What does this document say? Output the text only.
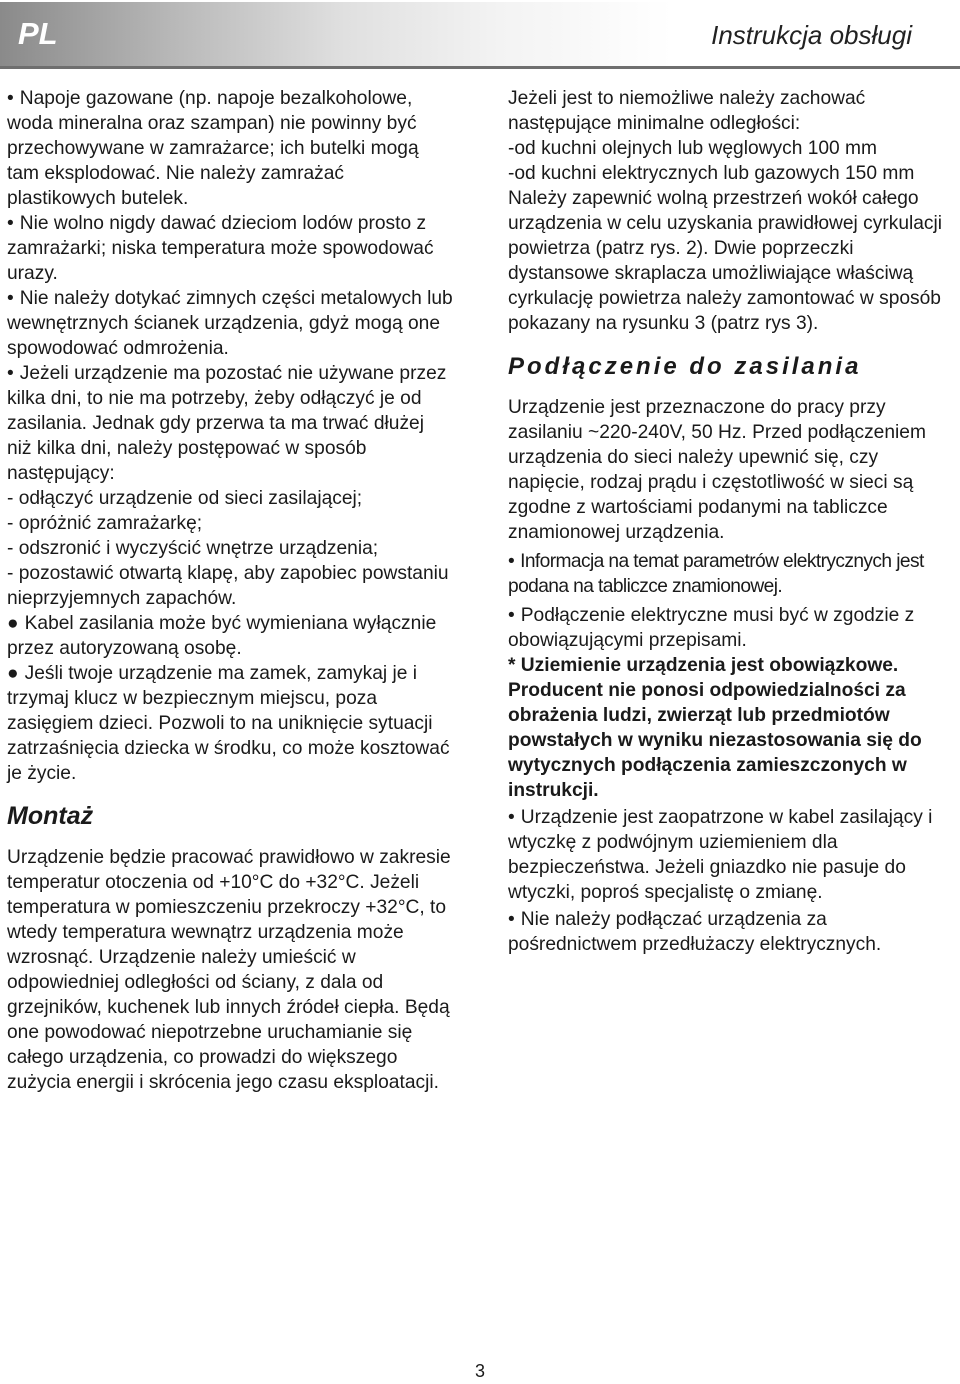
PL	Instrukcja obsługi

• Napoje gazowane (np. napoje bezalkoholowe, woda mineralna oraz szampan) nie powinny być przechowywane w zamrażarce; ich butelki mogą tam eksplodować. Nie należy zamrażać plastikowych butelek.

• Nie wolno nigdy dawać dzieciom lodów prosto z zamrażarki; niska temperatura może spowodować urazy.

• Nie należy dotykać zimnych części metalowych lub wewnętrznych ścianek urządzenia, gdyż mogą one spowodować odmrożenia.

• Jeżeli urządzenie ma pozostać nie używane przez kilka dni, to nie ma potrzeby, żeby odłączyć je od zasilania. Jednak gdy przerwa ta ma trwać dłużej niż kilka dni, należy postępować w sposób następujący:

- odłączyć urządzenie od sieci zasilającej;

- opróżnić zamrażarkę;

- odszronić i wyczyścić wnętrze urządzenia;

- pozostawić otwartą klapę, aby zapobiec powstaniu nieprzyjemnych zapachów.

● Kabel zasilania może być wymieniana wyłącznie przez autoryzowaną osobę.

● Jeśli twoje urządzenie ma zamek, zamykaj je i trzymaj klucz w bezpiecznym miejscu, poza zasięgiem dzieci. Pozwoli to na uniknięcie sytuacji zatrzaśnięcia dziecka w środku, co może kosztować je życie.

Montaż

Urządzenie będzie pracować prawidłowo w zakresie temperatur otoczenia od +10°C do +32°C. Jeżeli temperatura w pomieszczeniu przekroczy +32°C, to wtedy temperatura wewnątrz urządzenia może wzrosnąć. Urządzenie należy umieścić w odpowiedniej odległości od ściany, z dala od grzejników, kuchenek lub innych źródeł ciepła. Będą one powodować niepotrzebne uruchamianie się całego urządzenia, co prowadzi do większego zużycia energii i skrócenia jego czasu eksploatacji.

Jeżeli jest to niemożliwe należy zachować następujące minimalne odległości:

-od kuchni olejnych lub węglowych 100 mm

-od kuchni elektrycznych lub gazowych 150 mm

Należy zapewnić wolną przestrzeń wokół całego urządzenia w celu uzyskania prawidłowej cyrkulacji powietrza (patrz rys. 2). Dwie poprzeczki dystansowe skraplacza umożliwiające właściwą cyrkulację powietrza należy zamontować w sposób pokazany na rysunku 3 (patrz rys 3).

Podłączenie do zasilania

Urządzenie jest przeznaczone do pracy przy zasilaniu ~220-240V, 50 Hz. Przed podłączeniem urządzenia do sieci należy upewnić się, czy napięcie, rodzaj prądu i częstotliwość w sieci są zgodne z wartościami podanymi na tabliczce znamionowej urządzenia.

• Informacja na temat parametrów elektrycznych jest podana na tabliczce znamionowej.

• Podłączenie elektryczne musi być w zgodzie z obowiązującymi przepisami.

* Uziemienie urządzenia jest obowiązkowe. Producent nie ponosi odpowiedzialności za obrażenia ludzi, zwierząt lub przedmiotów powstałych w wyniku niezastosowania się do wytycznych podłączenia zamieszczonych w instrukcji.

• Urządzenie jest zaopatrzone w kabel zasilający i wtyczkę z podwójnym uziemieniem dla bezpieczeństwa. Jeżeli gniazdko nie pasuje do wtyczki, poproś specjalistę o zmianę.

• Nie należy podłączać urządzenia za pośrednictwem przedłużaczy elektrycznych.

3
